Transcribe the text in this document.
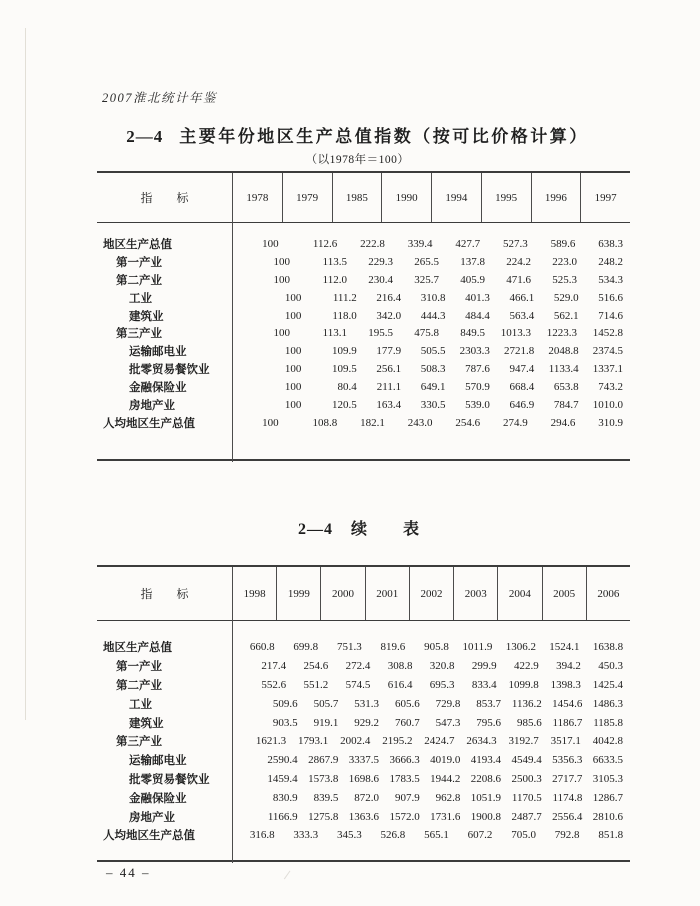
2007淮北统计年鉴
2—4 主要年份地区生产总值指数（按可比价格计算）
（以1978年＝100）
指　　标	1978	1979	1985	1990	1994	1995	1996	1997
地区生产总值	100	112.6	222.8	339.4	427.7	527.3	589.6	638.3
第一产业	100	113.5	229.3	265.5	137.8	224.2	223.0	248.2
第二产业	100	112.0	230.4	325.7	405.9	471.6	525.3	534.3
工业	100	111.2	216.4	310.8	401.3	466.1	529.0	516.6
建筑业	100	118.0	342.0	444.3	484.4	563.4	562.1	714.6
第三产业	100	113.1	195.5	475.8	849.5	1013.3	1223.3	1452.8
运输邮电业	100	109.9	177.9	505.5	2303.3	2721.8	2048.8	2374.5
批零贸易餐饮业	100	109.5	256.1	508.3	787.6	947.4	1133.4	1337.1
金融保险业	100	80.4	211.1	649.1	570.9	668.4	653.8	743.2
房地产业	100	120.5	163.4	330.5	539.0	646.9	784.7	1010.0
人均地区生产总值	100	108.8	182.1	243.0	254.6	274.9	294.6	310.9
2—4 续　表
指　　标	1998	1999	2000	2001	2002	2003	2004	2005	2006
地区生产总值	660.8	699.8	751.3	819.6	905.8	1011.9	1306.2	1524.1	1638.8
第一产业	217.4	254.6	272.4	308.8	320.8	299.9	422.9	394.2	450.3
第二产业	552.6	551.2	574.5	616.4	695.3	833.4	1099.8	1398.3	1425.4
工业	509.6	505.7	531.3	605.6	729.8	853.7 1136.2 1454.6 1486.3
建筑业	903.5	919.1	929.2	760.7	547.3	795.6	985.6 1186.7 1185.8
第三产业	1621.3	1793.1	2002.4	2195.2	2424.7	2634.3	3192.7	3517.1	4042.8
运输邮电业	2590.4 2867.9 3337.5 3666.3 4019.0 4193.4 4549.4 5356.3 6633.5
批零贸易餐饮业	1459.4 1573.8 1698.6 1783.5 1944.2 2208.6 2500.3 2717.7 3105.3
金融保险业	830.9	839.5	872.0	907.9	962.8 1051.9 1170.5 1174.8 1286.7
房地产业	1166.9 1275.8 1363.6 1572.0 1731.6 1900.8 2487.7 2556.4 2810.6
人均地区生产总值	316.8	333.3	345.3	526.8	565.1	607.2	705.0	792.8	851.8
– 44 –
